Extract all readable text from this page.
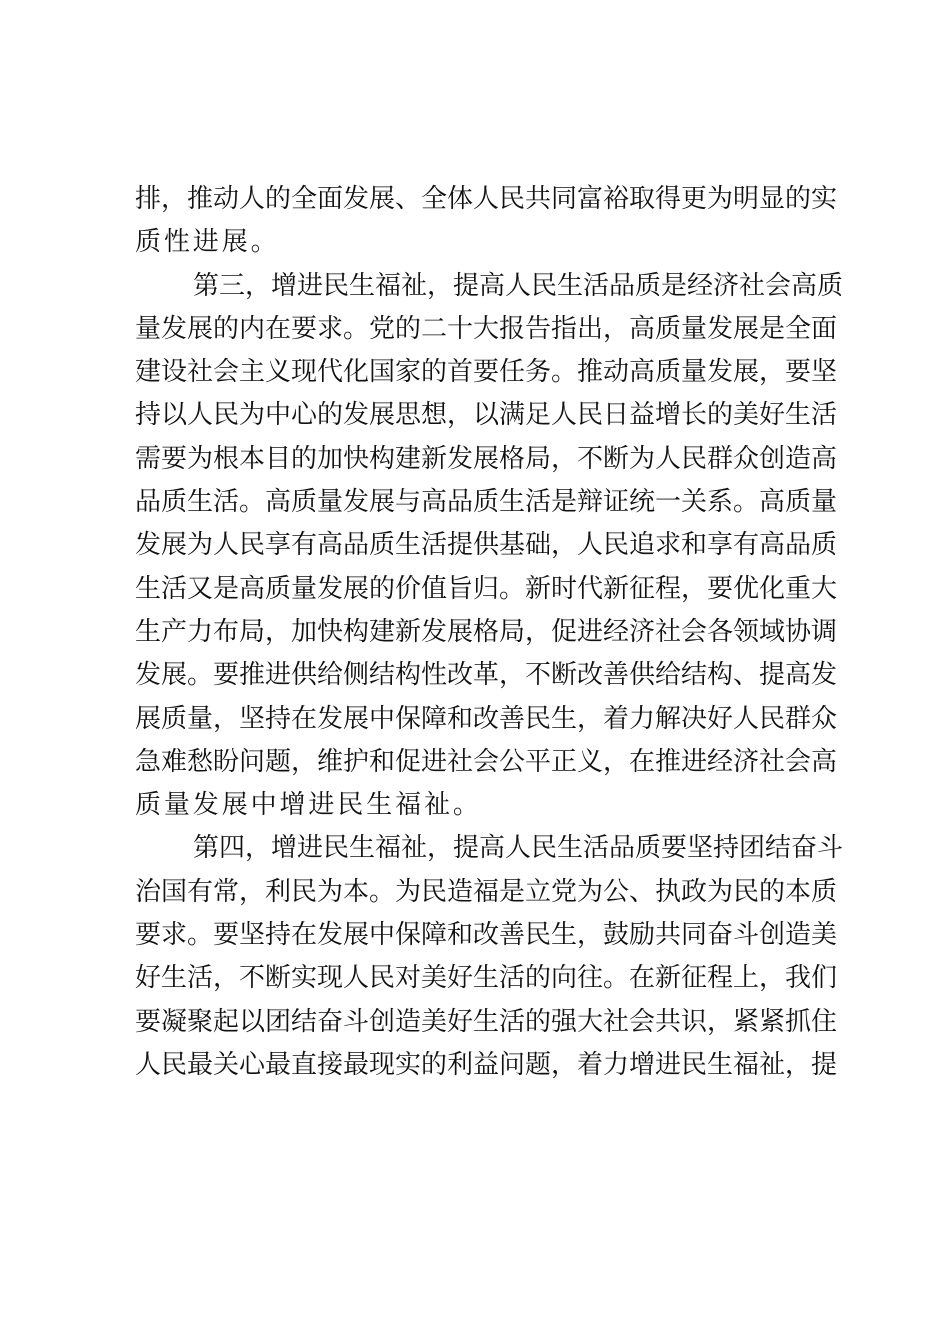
排，推动人的全面发展、全体人民共同富裕取得更为明显的实
质性进展。
第三，增进民生福祉，提高人民生活品质是经济社会高质
量发展的内在要求。党的二十大报告指出，高质量发展是全面
建设社会主义现代化国家的首要任务。推动高质量发展，要坚
持以人民为中心的发展思想，以满足人民日益增长的美好生活
需要为根本目的加快构建新发展格局，不断为人民群众创造高
品质生活。高质量发展与高品质生活是辩证统一关系。高质量
发展为人民享有高品质生活提供基础，人民追求和享有高品质
生活又是高质量发展的价值旨归。新时代新征程，要优化重大
生产力布局，加快构建新发展格局，促进经济社会各领域协调
发展。要推进供给侧结构性改革，不断改善供给结构、提高发
展质量，坚持在发展中保障和改善民生，着力解决好人民群众
急难愁盼问题，维护和促进社会公平正义，在推进经济社会高
质量发展中增进民生福祉。
第四，增进民生福祉，提高人民生活品质要坚持团结奋斗
治国有常，利民为本。为民造福是立党为公、执政为民的本质
要求。要坚持在发展中保障和改善民生，鼓励共同奋斗创造美
好生活，不断实现人民对美好生活的向往。在新征程上，我们
要凝聚起以团结奋斗创造美好生活的强大社会共识，紧紧抓住
人民最关心最直接最现实的利益问题，着力增进民生福祉，提
